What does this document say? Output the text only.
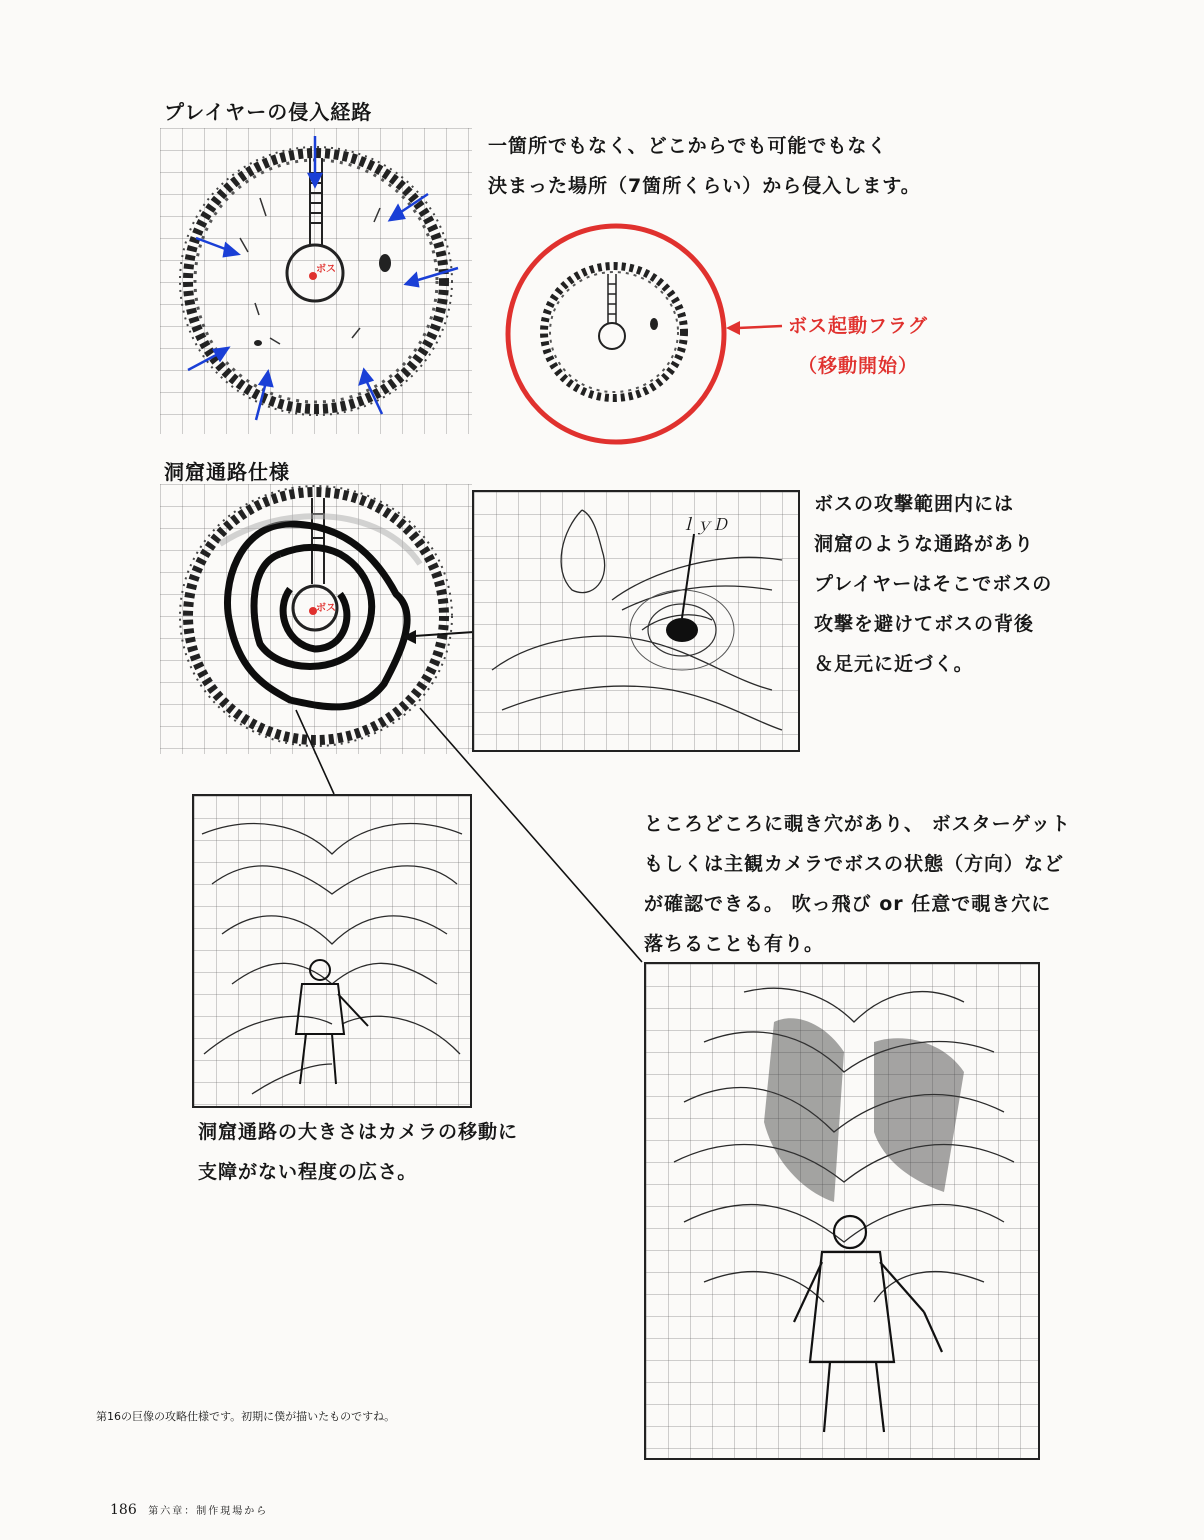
プレイヤーの侵入経路
ボス
一箇所でもなく、どこからでも可能でもなく
決まった場所（7箇所くらい）から侵入します。
ボス起動フラグ
（移動開始）
洞窟通路仕様
ボス
ｌｙＤ
ボスの攻撃範囲内には
洞窟のような通路があり
プレイヤーはそこでボスの
攻撃を避けてボスの背後
＆足元に近づく。
洞窟通路の大きさはカメラの移動に
支障がない程度の広さ。
ところどころに覗き穴があり、 ボスターゲット
もしくは主観カメラでボスの状態（方向）など
が確認できる。 吹っ飛び or 任意で覗き穴に
落ちることも有り。
第16の巨像の攻略仕様です。初期に僕が描いたものですね。
186 第六章：制作現場から
